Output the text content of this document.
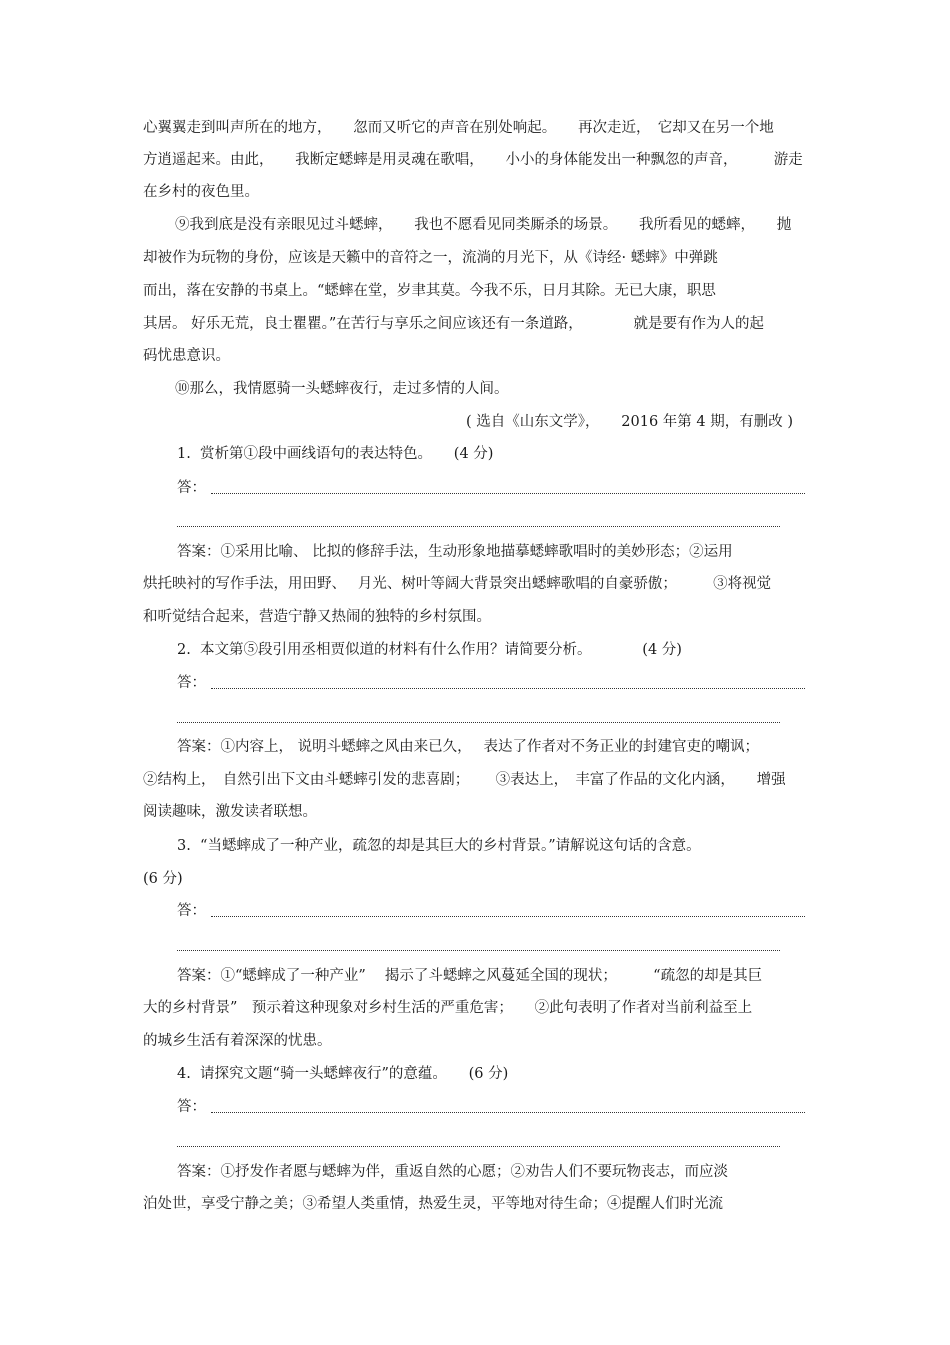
心翼翼走到叫声所在的地方，　　忽而又听它的声音在别处响起。　　再次走近，　它却又在另一个地
方逍遥起来。由此，　　我断定蟋蟀是用灵魂在歌唱，　　小小的身体能发出一种飘忽的声音，　　　游走
在乡村的夜色里。
⑨我到底是没有亲眼见过斗蟋蟀，　　我也不愿看见同类厮杀的场景。　　我所看见的蟋蟀，　　抛
却被作为玩物的身份，应该是天籁中的音符之一，流淌的月光下，从《诗经· 蟋蟀》中弹跳
而出，落在安静的书桌上。“蟋蟀在堂，岁聿其莫。今我不乐，日月其除。无已大康，职思
其居。 好乐无荒，良士瞿瞿。”在苦行与享乐之间应该还有一条道路，　　　　就是要有作为人的起
码忧患意识。
⑩那么，我情愿骑一头蟋蟀夜行，走过多情的人间。
( 选自《山东文学》，　　2016 年第 4 期，有删改 )
1.  赏析第①段中画线语句的表达特色。　　(4 分)
答：
答案：①采用比喻、 比拟的修辞手法，生动形象地描摹蟋蟀歌唱时的美妙形态；②运用
烘托映衬的写作手法，用田野、　 月光、树叶等阔大背景突出蟋蟀歌唱的自豪骄傲；　　　③将视觉
和听觉结合起来，营造宁静又热闹的独特的乡村氛围。
2.  本文第⑤段引用丞相贾似道的材料有什么作用？请简要分析。　　　　(4 分)
答：
答案：①内容上， 说明斗蟋蟀之风由来已久，　 表达了作者对不务正业的封建官吏的嘲讽；
②结构上，　自然引出下文由斗蟋蟀引发的悲喜剧；　　 ③表达上，　丰富了作品的文化内涵，　　增强
阅读趣味，激发读者联想。
3.  “当蟋蟀成了一种产业，疏忽的却是其巨大的乡村背景。”请解说这句话的含意。
(6 分)
答：
答案：①“蟋蟀成了一种产业”　 揭示了斗蟋蟀之风蔓延全国的现状；　　　“疏忽的却是其巨
大的乡村背景”　预示着这种现象对乡村生活的严重危害；　　②此句表明了作者对当前利益至上
的城乡生活有着深深的忧患。
4.  请探究文题“骑一头蟋蟀夜行”的意蕴。　　(6 分)
答：
答案：①抒发作者愿与蟋蟀为伴，重返自然的心愿；②劝告人们不要玩物丧志，而应淡
泊处世，享受宁静之美；③希望人类重情，热爱生灵，平等地对待生命；④提醒人们时光流
